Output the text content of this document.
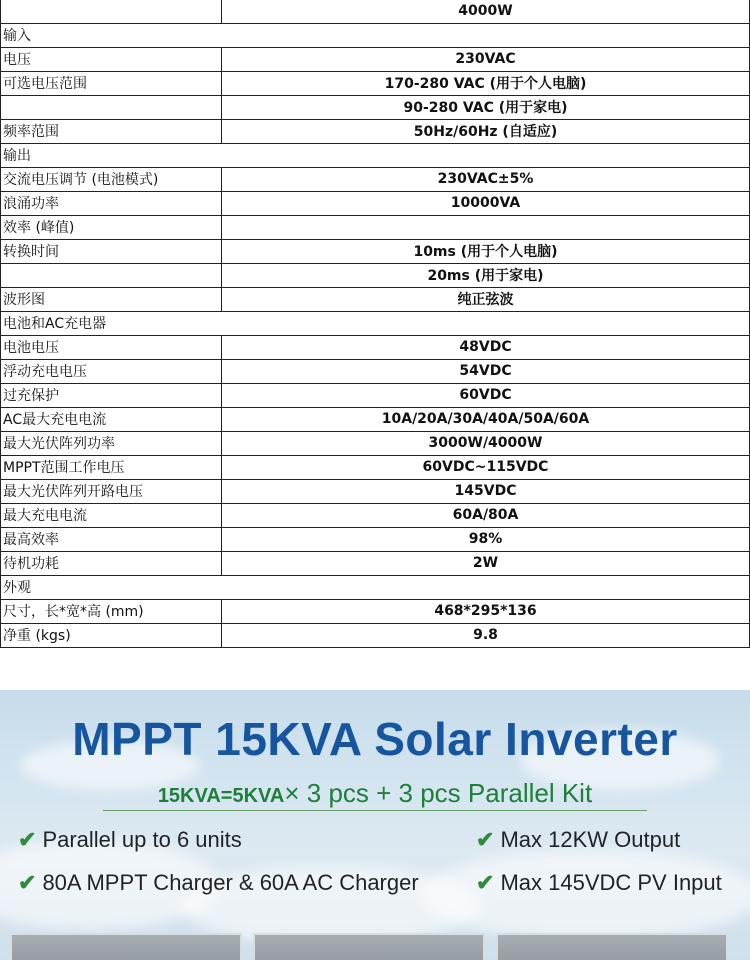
	4000W
输入	
电压	230VAC
可选电压范围	170-280 VAC (用于个人电脑)
	90-280 VAC (用于家电)
频率范围	50Hz/60Hz (自适应)
输出	
交流电压调节 (电池模式)	230VAC±5%
浪涌功率	10000VA
效率 (峰值)	
转换时间	10ms (用于个人电脑)
	20ms (用于家电)
波形图	纯正弦波
电池和AC充电器	
电池电压	48VDC
浮动充电电压	54VDC
过充保护	60VDC
AC最大充电电流	10A/20A/30A/40A/50A/60A
最大光伏阵列功率	3000W/4000W
MPPT范围工作电压	60VDC~115VDC
最大光伏阵列开路电压	145VDC
最大充电电流	60A/80A
最高效率	98%
待机功耗	2W
外观	
尺寸，长*宽*高 (mm)	468*295*136
净重 (kgs)	9.8
MPPT 15KVA Solar Inverter
15KVA=5KVA× 3 pcs + 3 pcs Parallel Kit
✔ Parallel up to 6 units	✔ Max 12KW Output
✔ 80A MPPT Charger & 60A AC Charger	✔ Max 145VDC PV Input
